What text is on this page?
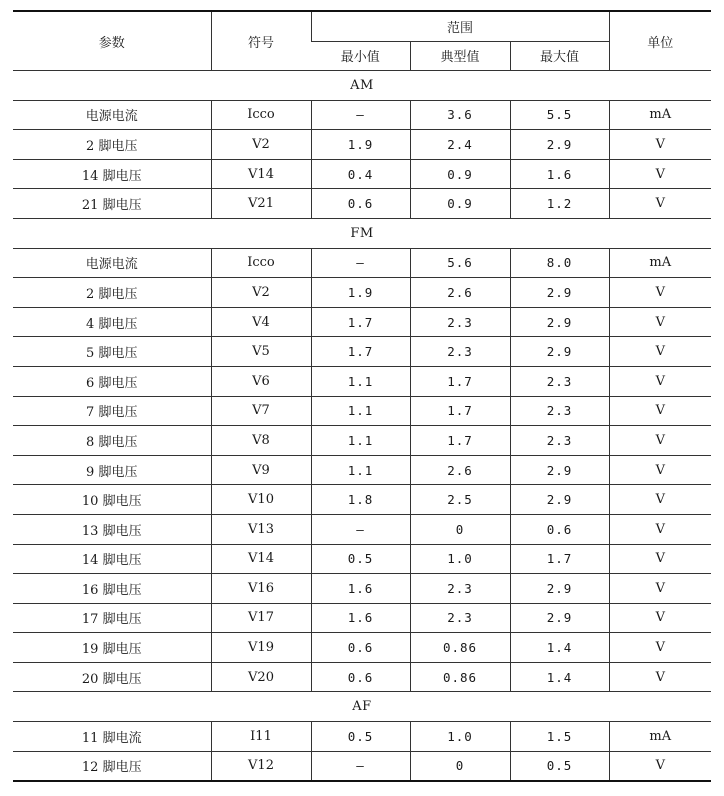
参数	符号	范围			单位
		最小值	典型值	最大值	
AM					
电源电流	Icco	—	3.6	5.5	mA
2 脚电压	V2	1.9	2.4	2.9	V
14 脚电压	V14	0.4	0.9	1.6	V
21 脚电压	V21	0.6	0.9	1.2	V
FM					
电源电流	Icco	—	5.6	8.0	mA
2 脚电压	V2	1.9	2.6	2.9	V
4 脚电压	V4	1.7	2.3	2.9	V
5 脚电压	V5	1.7	2.3	2.9	V
6 脚电压	V6	1.1	1.7	2.3	V
7 脚电压	V7	1.1	1.7	2.3	V
8 脚电压	V8	1.1	1.7	2.3	V
9 脚电压	V9	1.1	2.6	2.9	V
10 脚电压	V10	1.8	2.5	2.9	V
13 脚电压	V13	—	0	0.6	V
14 脚电压	V14	0.5	1.0	1.7	V
16 脚电压	V16	1.6	2.3	2.9	V
17 脚电压	V17	1.6	2.3	2.9	V
19 脚电压	V19	0.6	0.86	1.4	V
20 脚电压	V20	0.6	0.86	1.4	V
AF					
11 脚电流	I11	0.5	1.0	1.5	mA
12 脚电压	V12	—	0	0.5	V
